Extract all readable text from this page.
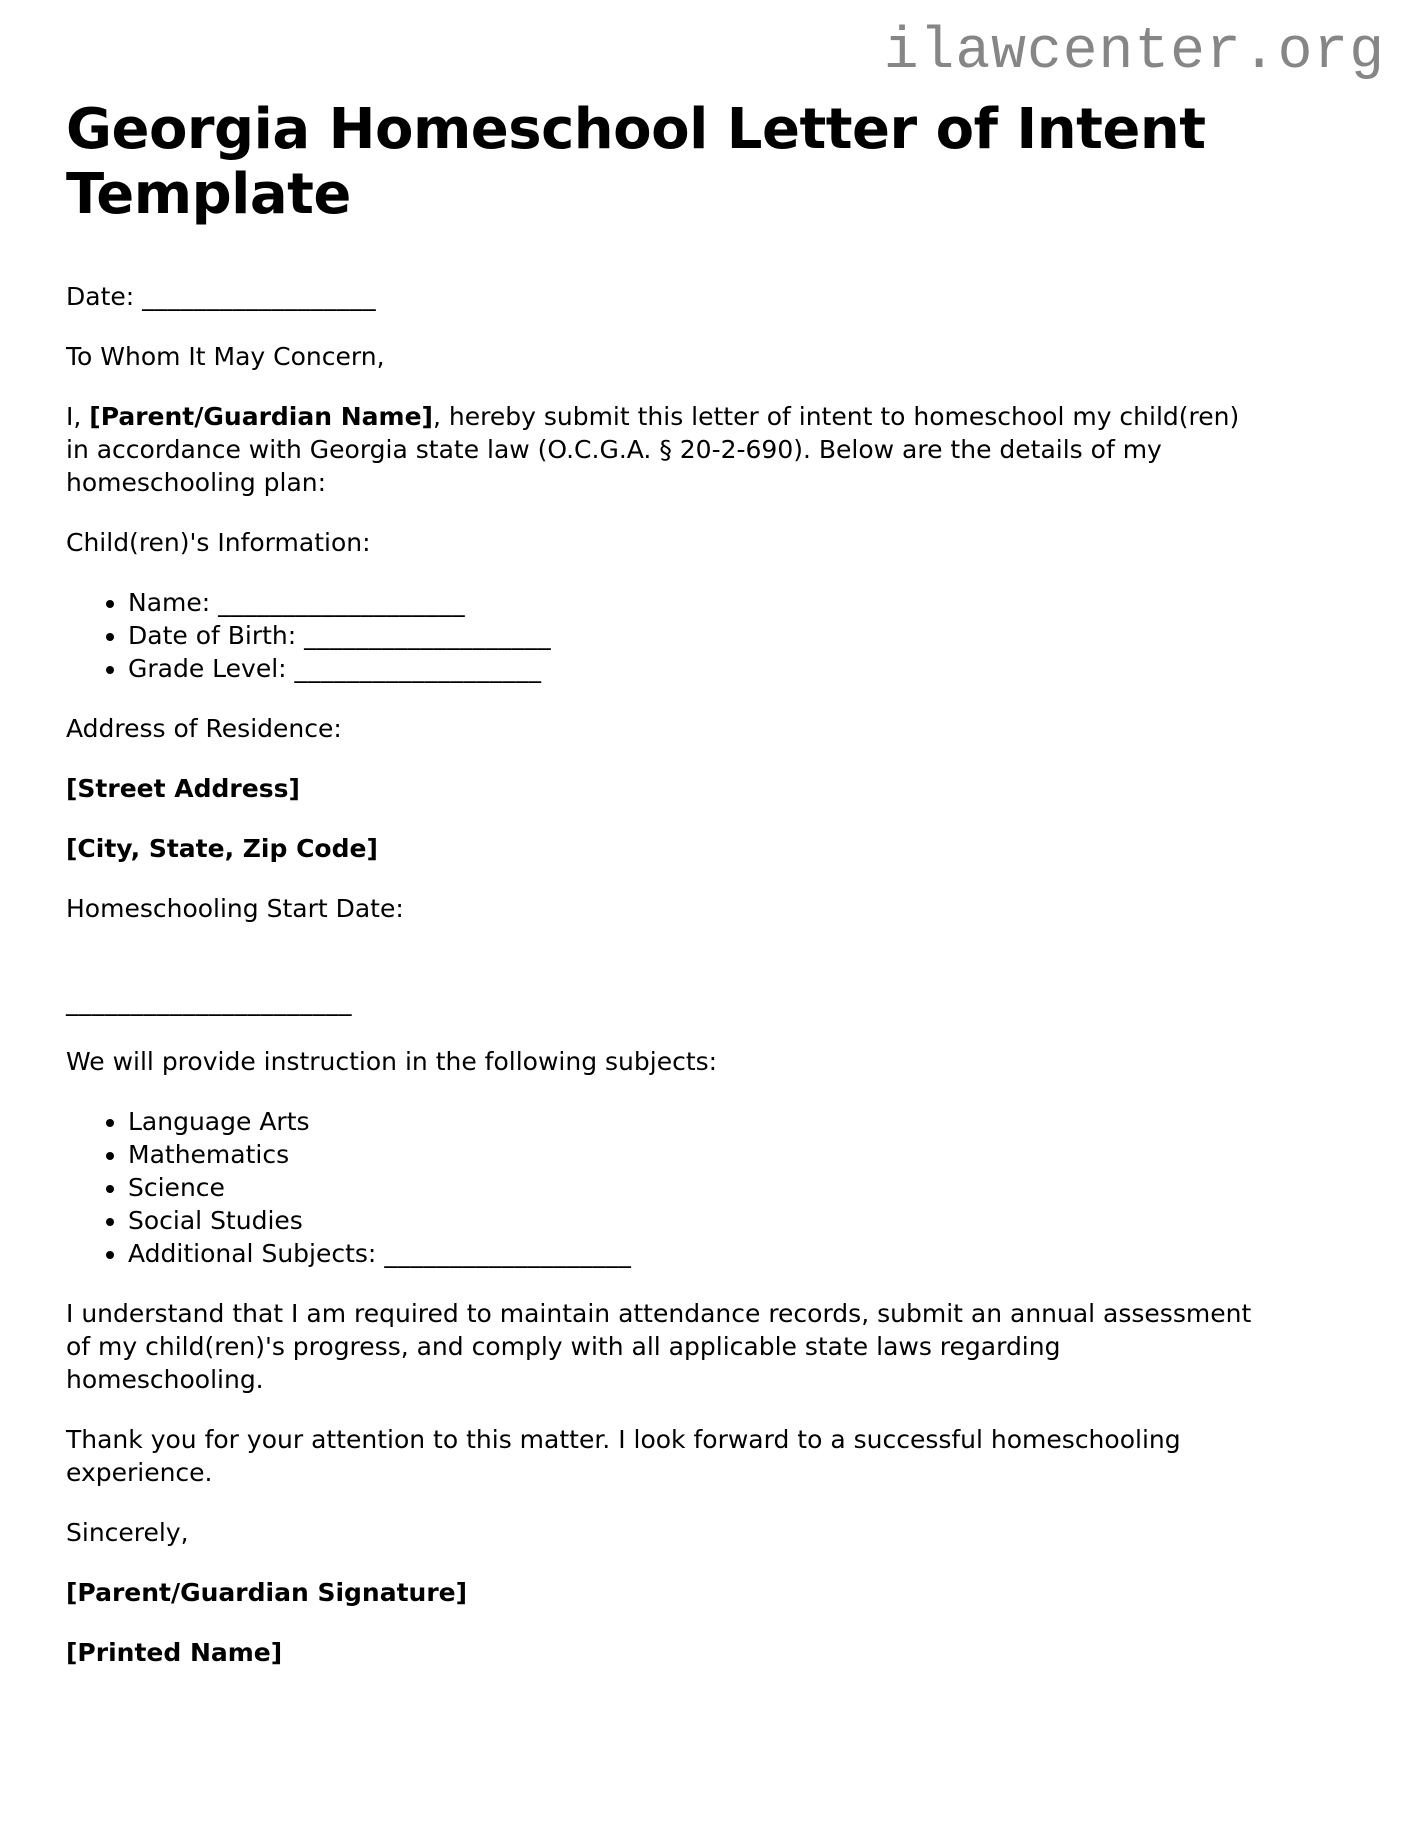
ilawcenter.org
Georgia Homeschool Letter of Intent Template

Date: __________________

To Whom It May Concern,

I, [Parent/Guardian Name], hereby submit this letter of intent to homeschool my child(ren) in accordance with Georgia state law (O.C.G.A. § 20-2-690). Below are the details of my homeschooling plan:

Child(ren)'s Information:

• Name: ___________________
• Date of Birth: ___________________
• Grade Level: ___________________

Address of Residence:

[Street Address]

[City, State, Zip Code]

Homeschooling Start Date:

______________________

We will provide instruction in the following subjects:

• Language Arts
• Mathematics
• Science
• Social Studies
• Additional Subjects: ___________________

I understand that I am required to maintain attendance records, submit an annual assessment of my child(ren)'s progress, and comply with all applicable state laws regarding homeschooling.

Thank you for your attention to this matter. I look forward to a successful homeschooling experience.

Sincerely,

[Parent/Guardian Signature]

[Printed Name]
